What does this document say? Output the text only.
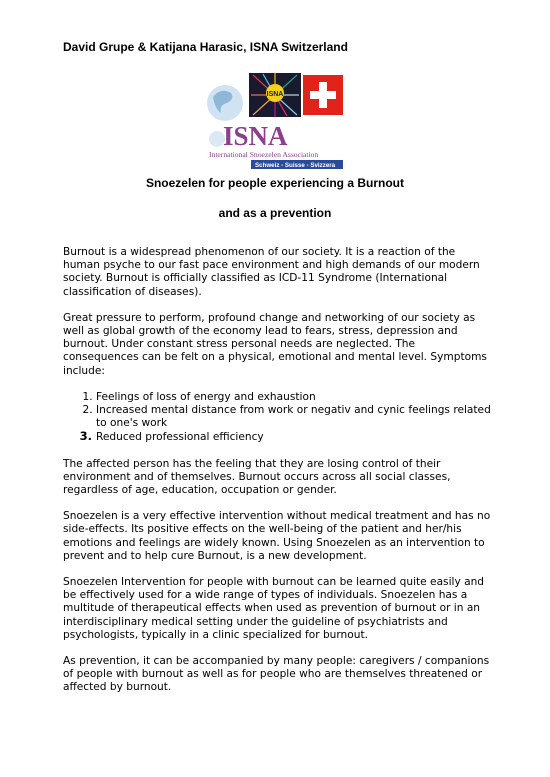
David Grupe & Katijana Harasic, ISNA Switzerland
ISNA
ISNA
International Snoezelen Association
Schweiz - Suisse - Svizzera
Snoezelen for people experiencing a Burnout
and as a prevention

Burnout is a widespread phenomenon of our society. It is a reaction of the human psyche to our fast pace environment and high demands of our modern society. Burnout is officially classified as ICD-11 Syndrome (International classification of diseases).

Great pressure to perform, profound change and networking of our society as well as global growth of the economy lead to fears, stress, depression and burnout. Under constant stress personal needs are neglected. The consequences can be felt on a physical, emotional and mental level. Symptoms include:

1. Feelings of loss of energy and exhaustion
2. Increased mental distance from work or negativ and cynic feelings related to one's work
3. Reduced professional efficiency

The affected person has the feeling that they are losing control of their environment and of themselves. Burnout occurs across all social classes, regardless of age, education, occupation or gender.

Snoezelen is a very effective intervention without medical treatment and has no side-effects. Its positive effects on the well-being of the patient and her/his emotions and feelings are widely known. Using Snoezelen as an intervention to prevent and to help cure Burnout, is a new development.

Snoezelen Intervention for people with burnout can be learned quite easily and be effectively used for a wide range of types of individuals. Snoezelen has a multitude of therapeutical effects when used as prevention of burnout or in an interdisciplinary medical setting under the guideline of psychiatrists and psychologists, typically in a clinic specialized for burnout.

As prevention, it can be accompanied by many people: caregivers / companions of people with burnout as well as for people who are themselves threatened or affected by burnout.
